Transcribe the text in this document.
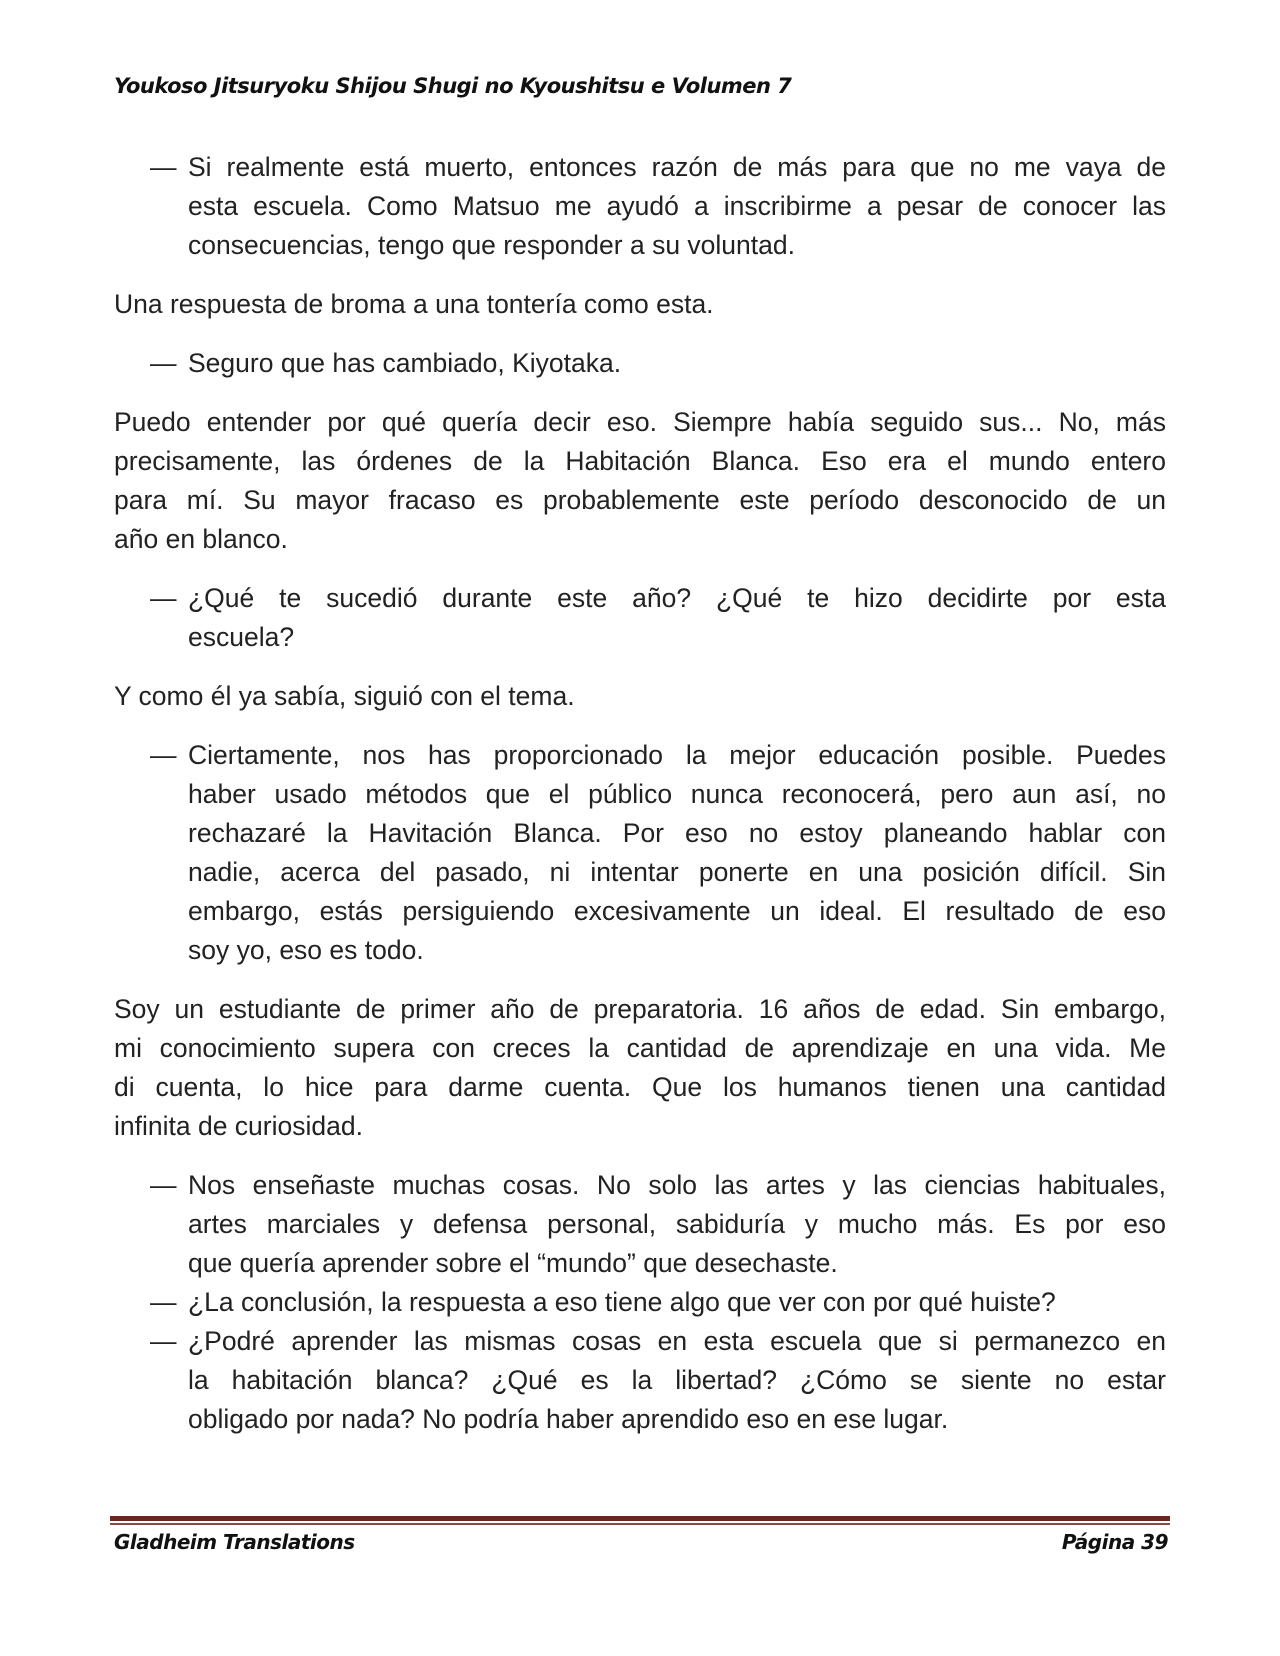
Youkoso Jitsuryoku Shijou Shugi no Kyoushitsu e Volumen 7
— Si realmente está muerto, entonces razón de más para que no me vaya de
esta escuela. Como Matsuo me ayudó a inscribirme a pesar de conocer las
consecuencias, tengo que responder a su voluntad.
Una respuesta de broma a una tontería como esta.
— Seguro que has cambiado, Kiyotaka.
Puedo entender por qué quería decir eso. Siempre había seguido sus... No, más
precisamente, las órdenes de la Habitación Blanca. Eso era el mundo entero
para mí. Su mayor fracaso es probablemente este período desconocido de un
año en blanco.
— ¿Qué te sucedió durante este año? ¿Qué te hizo decidirte por esta
escuela?
Y como él ya sabía, siguió con el tema.
— Ciertamente, nos has proporcionado la mejor educación posible. Puedes
haber usado métodos que el público nunca reconocerá, pero aun así, no
rechazaré la Havitación Blanca. Por eso no estoy planeando hablar con
nadie, acerca del pasado, ni intentar ponerte en una posición difícil. Sin
embargo, estás persiguiendo excesivamente un ideal. El resultado de eso
soy yo, eso es todo.
Soy un estudiante de primer año de preparatoria. 16 años de edad. Sin embargo,
mi conocimiento supera con creces la cantidad de aprendizaje en una vida. Me
di cuenta, lo hice para darme cuenta. Que los humanos tienen una cantidad
infinita de curiosidad.
— Nos enseñaste muchas cosas. No solo las artes y las ciencias habituales,
artes marciales y defensa personal, sabiduría y mucho más. Es por eso
que quería aprender sobre el “mundo” que desechaste.
— ¿La conclusión, la respuesta a eso tiene algo que ver con por qué huiste?
— ¿Podré aprender las mismas cosas en esta escuela que si permanezco en
la habitación blanca? ¿Qué es la libertad? ¿Cómo se siente no estar
obligado por nada? No podría haber aprendido eso en ese lugar.
Gladheim Translations	Página 39
